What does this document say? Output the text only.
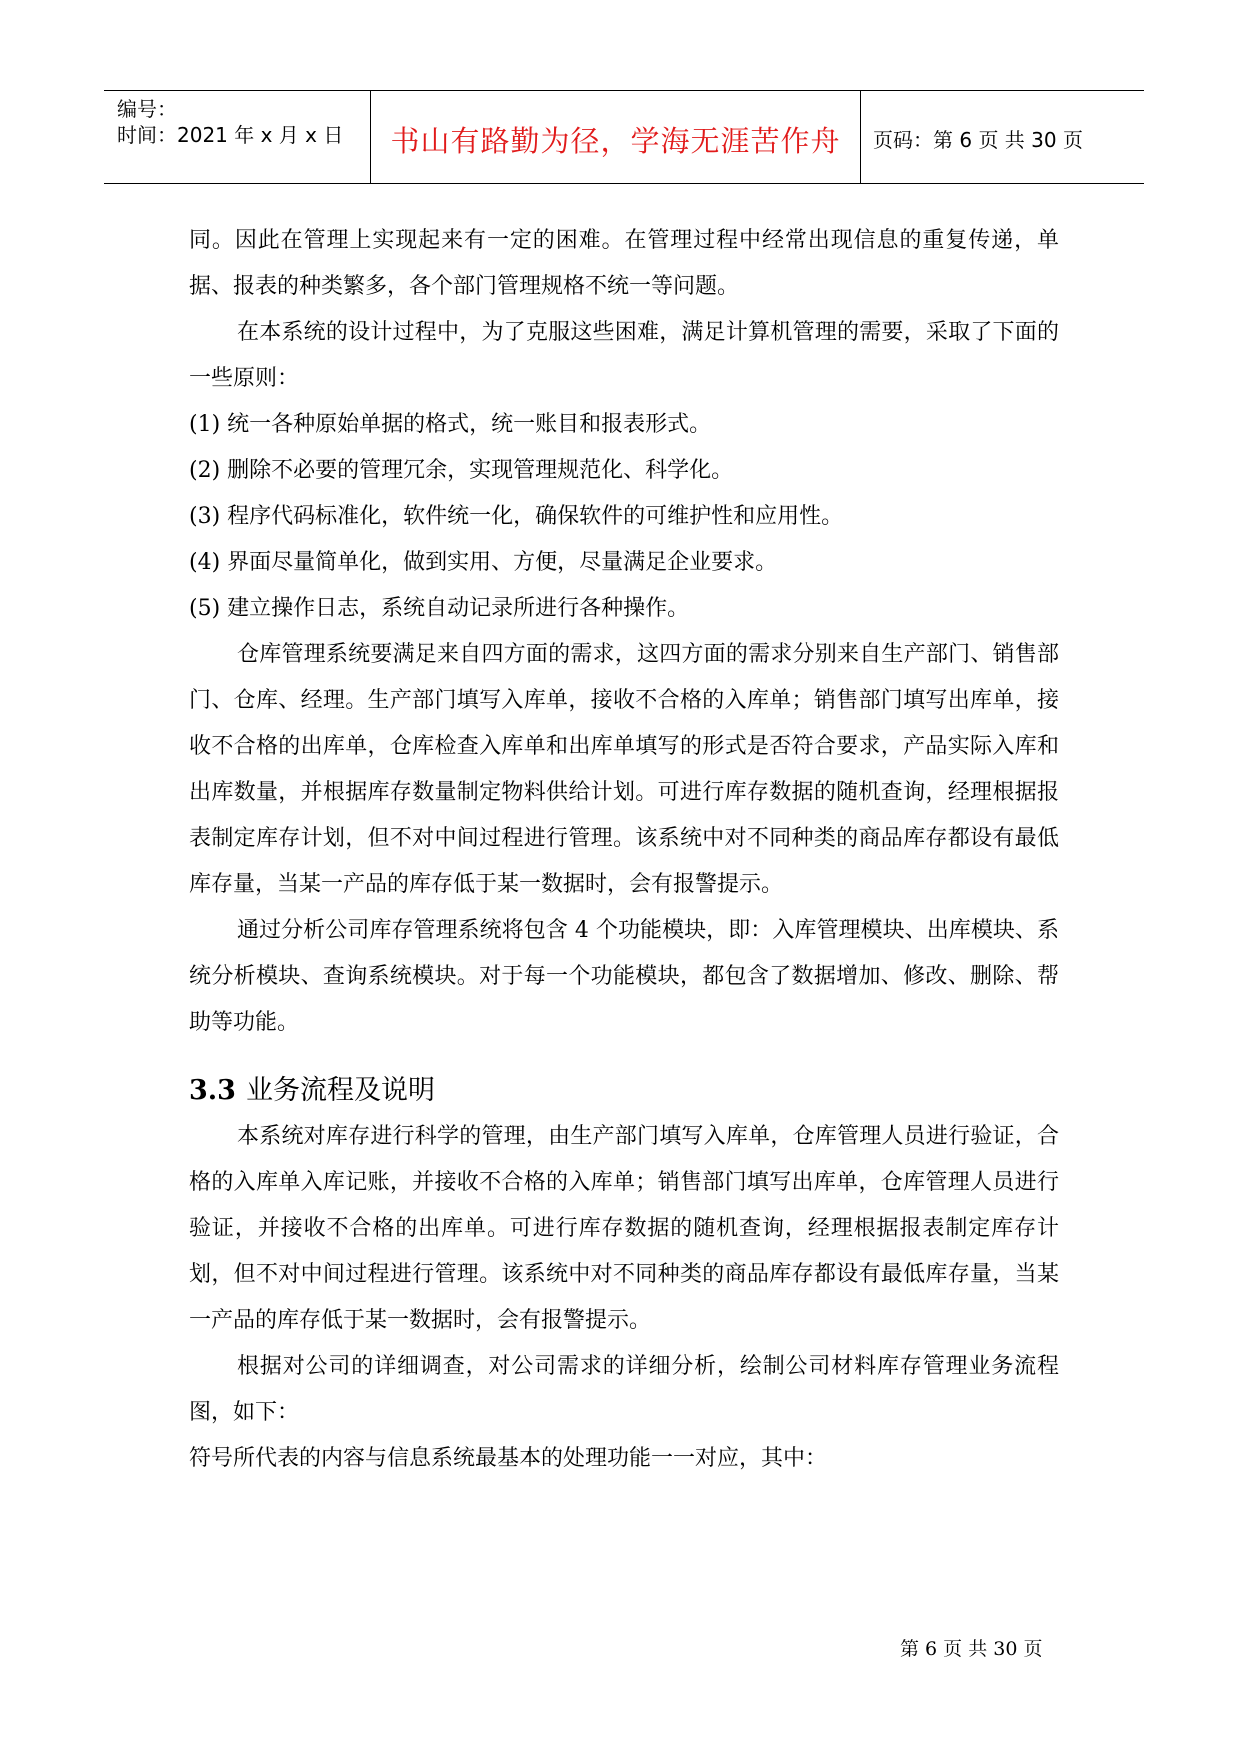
编号：
时间：2021 年 x 月 x 日	书山有路勤为径，学海无涯苦作舟	页码：第 6 页 共 30 页

同。因此在管理上实现起来有一定的困难。在管理过程中经常出现信息的重复传递，单据、报表的种类繁多，各个部门管理规格不统一等问题。

在本系统的设计过程中，为了克服这些困难，满足计算机管理的需要，采取了下面的一些原则：

(1) 统一各种原始单据的格式，统一账目和报表形式。

(2) 删除不必要的管理冗余，实现管理规范化、科学化。

(3) 程序代码标准化，软件统一化，确保软件的可维护性和应用性。

(4) 界面尽量简单化，做到实用、方便，尽量满足企业要求。

(5) 建立操作日志，系统自动记录所进行各种操作。

仓库管理系统要满足来自四方面的需求，这四方面的需求分别来自生产部门、销售部门、仓库、经理。生产部门填写入库单，接收不合格的入库单；销售部门填写出库单，接收不合格的出库单，仓库检查入库单和出库单填写的形式是否符合要求，产品实际入库和出库数量，并根据库存数量制定物料供给计划。可进行库存数据的随机查询，经理根据报表制定库存计划，但不对中间过程进行管理。该系统中对不同种类的商品库存都设有最低库存量，当某一产品的库存低于某一数据时，会有报警提示。

通过分析公司库存管理系统将包含 4 个功能模块，即：入库管理模块、出库模块、系统分析模块、查询系统模块。对于每一个功能模块，都包含了数据增加、修改、删除、帮助等功能。

3.3 业务流程及说明

本系统对库存进行科学的管理，由生产部门填写入库单，仓库管理人员进行验证，合格的入库单入库记账，并接收不合格的入库单；销售部门填写出库单，仓库管理人员进行验证，并接收不合格的出库单。可进行库存数据的随机查询，经理根据报表制定库存计划，但不对中间过程进行管理。该系统中对不同种类的商品库存都设有最低库存量，当某一产品的库存低于某一数据时，会有报警提示。

根据对公司的详细调查，对公司需求的详细分析，绘制公司材料库存管理业务流程图，如下：

符号所代表的内容与信息系统最基本的处理功能一一对应，其中：

第 6 页 共 30 页
